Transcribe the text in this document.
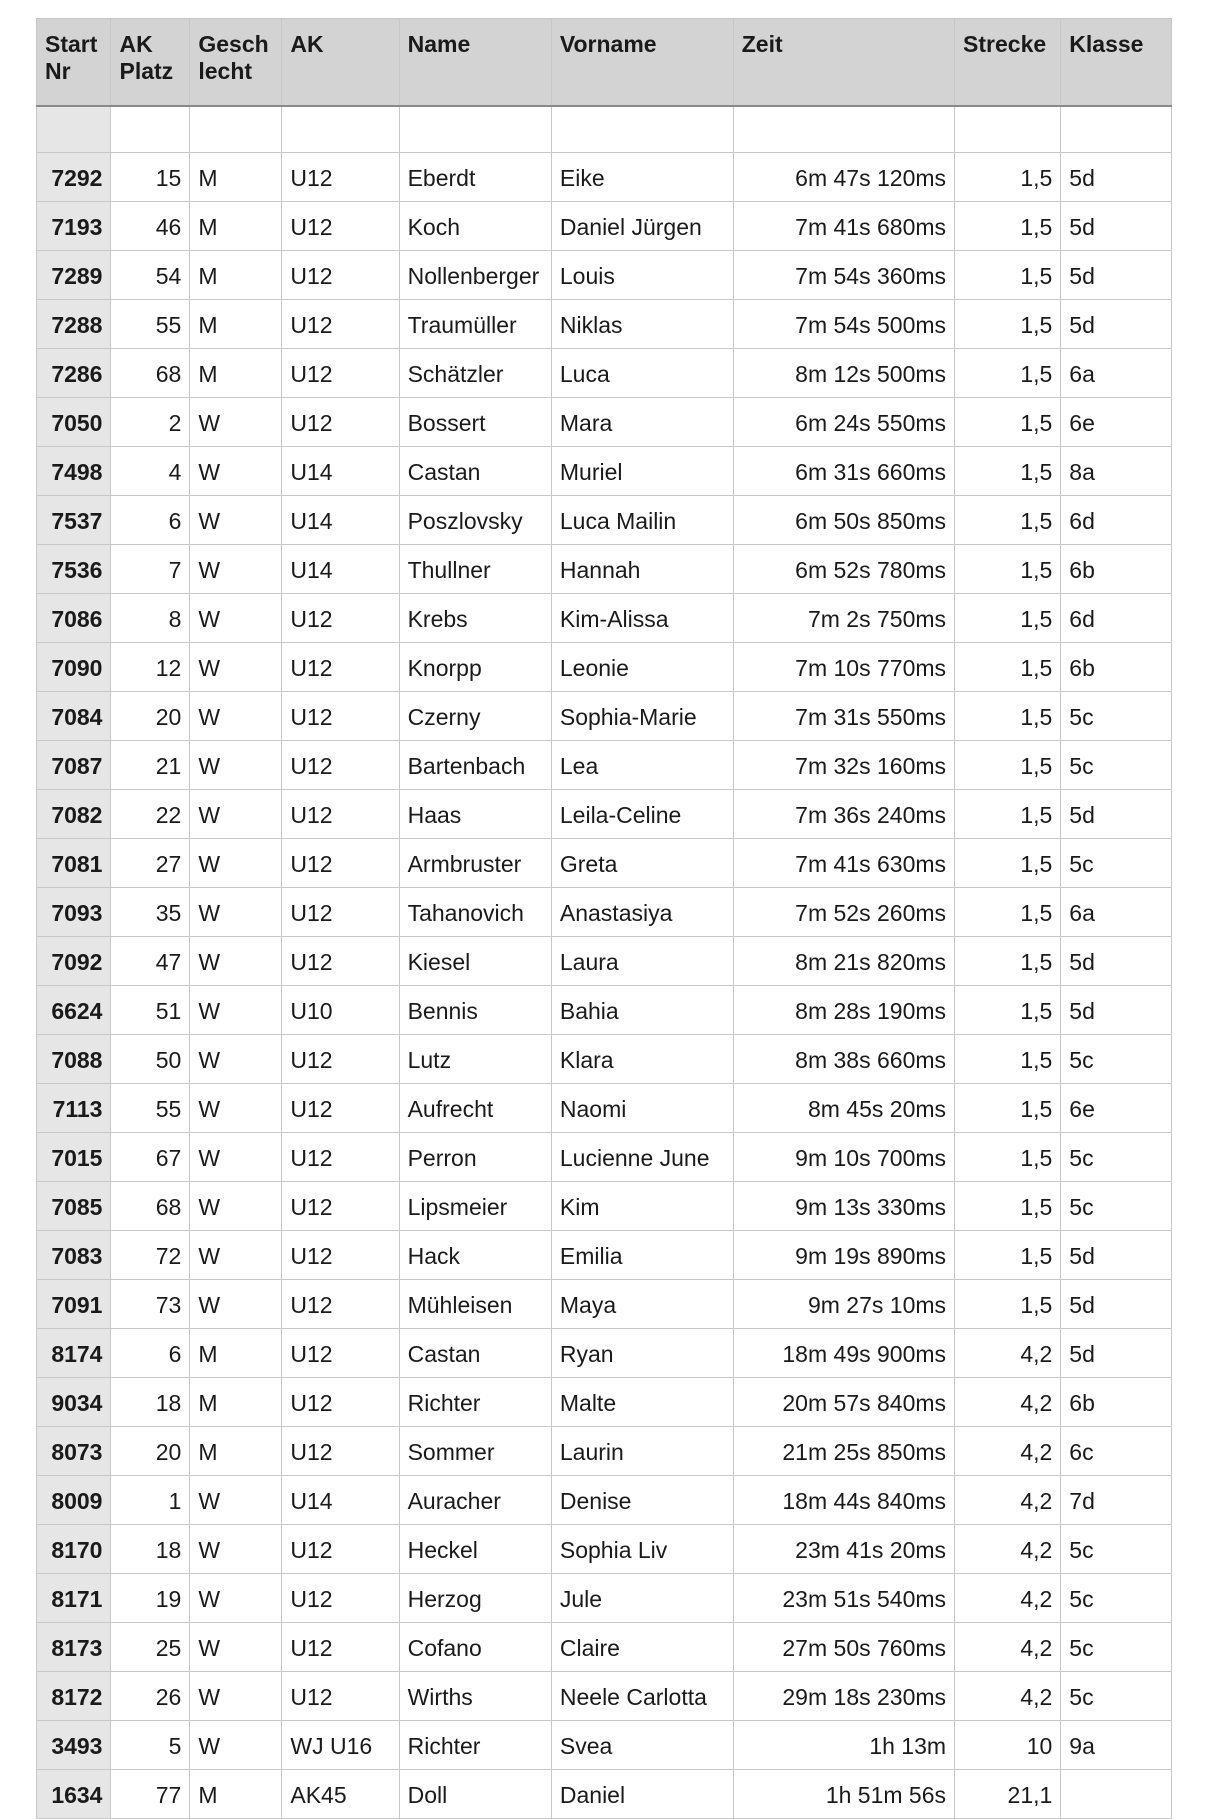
Start Nr	AK Platz	Gesch lecht	AK	Name	Vorname	Zeit	Strecke	Klasse

7292	15	M	U12	Eberdt	Eike	6m 47s 120ms	1,5	5d
7193	46	M	U12	Koch	Daniel Jürgen	7m 41s 680ms	1,5	5d
7289	54	M	U12	Nollenberger	Louis	7m 54s 360ms	1,5	5d
7288	55	M	U12	Traumüller	Niklas	7m 54s 500ms	1,5	5d
7286	68	M	U12	Schätzler	Luca	8m 12s 500ms	1,5	6a
7050	2	W	U12	Bossert	Mara	6m 24s 550ms	1,5	6e
7498	4	W	U14	Castan	Muriel	6m 31s 660ms	1,5	8a
7537	6	W	U14	Poszlovsky	Luca Mailin	6m 50s 850ms	1,5	6d
7536	7	W	U14	Thullner	Hannah	6m 52s 780ms	1,5	6b
7086	8	W	U12	Krebs	Kim-Alissa	7m 2s 750ms	1,5	6d
7090	12	W	U12	Knorpp	Leonie	7m 10s 770ms	1,5	6b
7084	20	W	U12	Czerny	Sophia-Marie	7m 31s 550ms	1,5	5c
7087	21	W	U12	Bartenbach	Lea	7m 32s 160ms	1,5	5c
7082	22	W	U12	Haas	Leila-Celine	7m 36s 240ms	1,5	5d
7081	27	W	U12	Armbruster	Greta	7m 41s 630ms	1,5	5c
7093	35	W	U12	Tahanovich	Anastasiya	7m 52s 260ms	1,5	6a
7092	47	W	U12	Kiesel	Laura	8m 21s 820ms	1,5	5d
6624	51	W	U10	Bennis	Bahia	8m 28s 190ms	1,5	5d
7088	50	W	U12	Lutz	Klara	8m 38s 660ms	1,5	5c
7113	55	W	U12	Aufrecht	Naomi	8m 45s 20ms	1,5	6e
7015	67	W	U12	Perron	Lucienne June	9m 10s 700ms	1,5	5c
7085	68	W	U12	Lipsmeier	Kim	9m 13s 330ms	1,5	5c
7083	72	W	U12	Hack	Emilia	9m 19s 890ms	1,5	5d
7091	73	W	U12	Mühleisen	Maya	9m 27s 10ms	1,5	5d
8174	6	M	U12	Castan	Ryan	18m 49s 900ms	4,2	5d
9034	18	M	U12	Richter	Malte	20m 57s 840ms	4,2	6b
8073	20	M	U12	Sommer	Laurin	21m 25s 850ms	4,2	6c
8009	1	W	U14	Auracher	Denise	18m 44s 840ms	4,2	7d
8170	18	W	U12	Heckel	Sophia Liv	23m 41s 20ms	4,2	5c
8171	19	W	U12	Herzog	Jule	23m 51s 540ms	4,2	5c
8173	25	W	U12	Cofano	Claire	27m 50s 760ms	4,2	5c
8172	26	W	U12	Wirths	Neele Carlotta	29m 18s 230ms	4,2	5c
3493	5	W	WJ U16	Richter	Svea	1h 13m	10	9a
1634	77	M	AK45	Doll	Daniel	1h 51m 56s	21,1	
